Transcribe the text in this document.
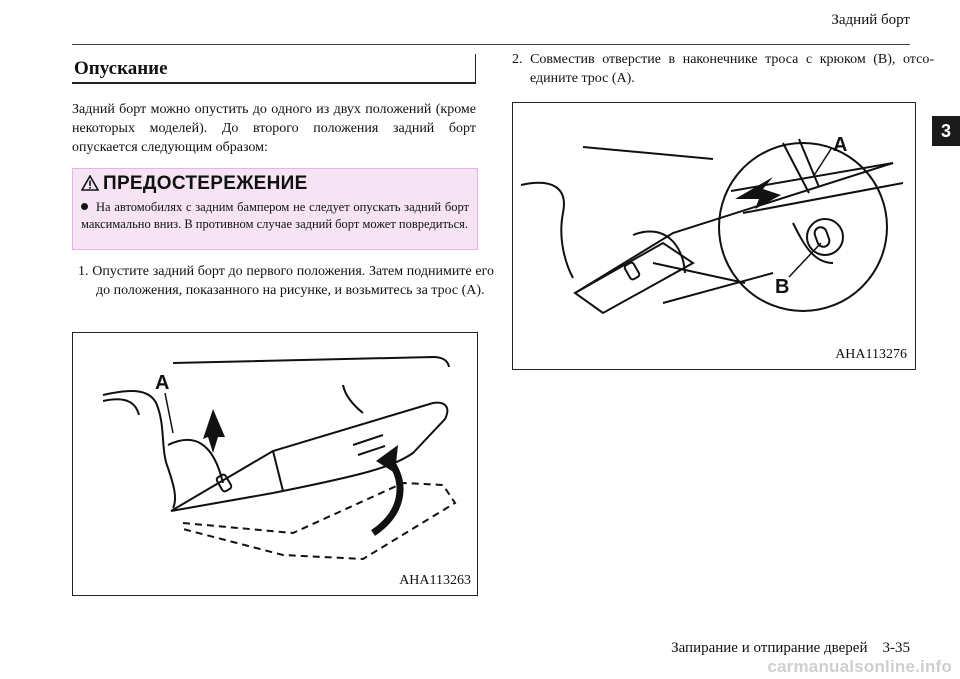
Задний борт
3
Опускание
Задний борт можно опустить до одного из двух положений (кроме некоторых моделей). До второго положения задний борт опускается следующим образом:
ПРЕДОСТЕРЕЖЕНИЕ
На автомобилях с задним бампером не следует опускать задний борт максимально вниз. В противном случае задний борт может повредиться.
1. Опустите задний борт до первого положения. Затем поднимите его до положения, показанного на рисунке, и возьмитесь за трос (A).
A
AHA113263
2. Совместив отверстие в наконечнике троса с крюком (B), отсоедините трос (A).
A
B
AHA113276
Запирание и отпирание дверей    3-35
carmanualsonline.info
